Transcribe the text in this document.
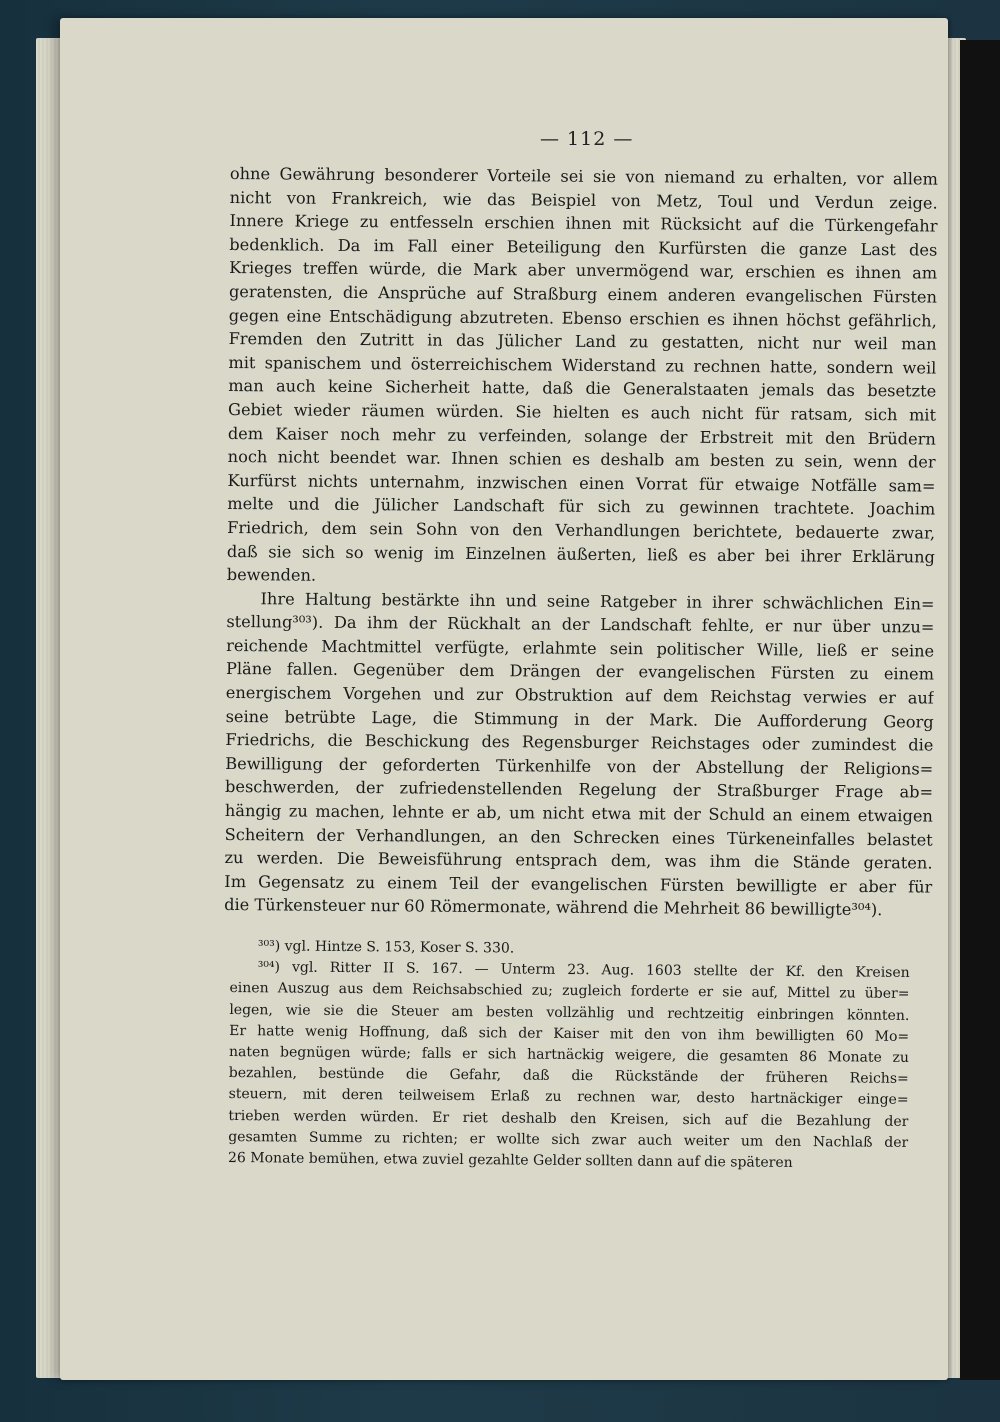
— 112 —
ohne Gewährung besonderer Vorteile sei sie von niemand zu erhalten, vor allem
nicht von Frankreich, wie das Beispiel von Metz, Toul und Verdun zeige.
Innere Kriege zu entfesseln erschien ihnen mit Rücksicht auf die Türkengefahr
bedenklich. Da im Fall einer Beteiligung den Kurfürsten die ganze Last des
Krieges treffen würde, die Mark aber unvermögend war, erschien es ihnen am
geratensten, die Ansprüche auf Straßburg einem anderen evangelischen Fürsten
gegen eine Entschädigung abzutreten. Ebenso erschien es ihnen höchst gefährlich,
Fremden den Zutritt in das Jülicher Land zu gestatten, nicht nur weil man
mit spanischem und österreichischem Widerstand zu rechnen hatte, sondern weil
man auch keine Sicherheit hatte, daß die Generalstaaten jemals das besetzte
Gebiet wieder räumen würden. Sie hielten es auch nicht für ratsam, sich mit
dem Kaiser noch mehr zu verfeinden, solange der Erbstreit mit den Brüdern
noch nicht beendet war. Ihnen schien es deshalb am besten zu sein, wenn der
Kurfürst nichts unternahm, inzwischen einen Vorrat für etwaige Notfälle sam=
melte und die Jülicher Landschaft für sich zu gewinnen trachtete. Joachim
Friedrich, dem sein Sohn von den Verhandlungen berichtete, bedauerte zwar,
daß sie sich so wenig im Einzelnen äußerten, ließ es aber bei ihrer Erklärung
bewenden.
Ihre Haltung bestärkte ihn und seine Ratgeber in ihrer schwächlichen Ein=
stellung³⁰³). Da ihm der Rückhalt an der Landschaft fehlte, er nur über unzu=
reichende Machtmittel verfügte, erlahmte sein politischer Wille, ließ er seine
Pläne fallen. Gegenüber dem Drängen der evangelischen Fürsten zu einem
energischem Vorgehen und zur Obstruktion auf dem Reichstag verwies er auf
seine betrübte Lage, die Stimmung in der Mark. Die Aufforderung Georg
Friedrichs, die Beschickung des Regensburger Reichstages oder zumindest die
Bewilligung der geforderten Türkenhilfe von der Abstellung der Religions=
beschwerden, der zufriedenstellenden Regelung der Straßburger Frage ab=
hängig zu machen, lehnte er ab, um nicht etwa mit der Schuld an einem etwaigen
Scheitern der Verhandlungen, an den Schrecken eines Türkeneinfalles belastet
zu werden. Die Beweisführung entsprach dem, was ihm die Stände geraten.
Im Gegensatz zu einem Teil der evangelischen Fürsten bewilligte er aber für
die Türkensteuer nur 60 Römermonate, während die Mehrheit 86 bewilligte³⁰⁴).
³⁰³) vgl. Hintze S. 153, Koser S. 330.
³⁰⁴) vgl. Ritter II S. 167. — Unterm 23. Aug. 1603 stellte der Kf. den Kreisen
einen Auszug aus dem Reichsabschied zu; zugleich forderte er sie auf, Mittel zu über=
legen, wie sie die Steuer am besten vollzählig und rechtzeitig einbringen könnten.
Er hatte wenig Hoffnung, daß sich der Kaiser mit den von ihm bewilligten 60 Mo=
naten begnügen würde; falls er sich hartnäckig weigere, die gesamten 86 Monate zu
bezahlen, bestünde die Gefahr, daß die Rückstände der früheren Reichs=
steuern, mit deren teilweisem Erlaß zu rechnen war, desto hartnäckiger einge=
trieben werden würden. Er riet deshalb den Kreisen, sich auf die Bezahlung der
gesamten Summe zu richten; er wollte sich zwar auch weiter um den Nachlaß der
26 Monate bemühen, etwa zuviel gezahlte Gelder sollten dann auf die späteren
